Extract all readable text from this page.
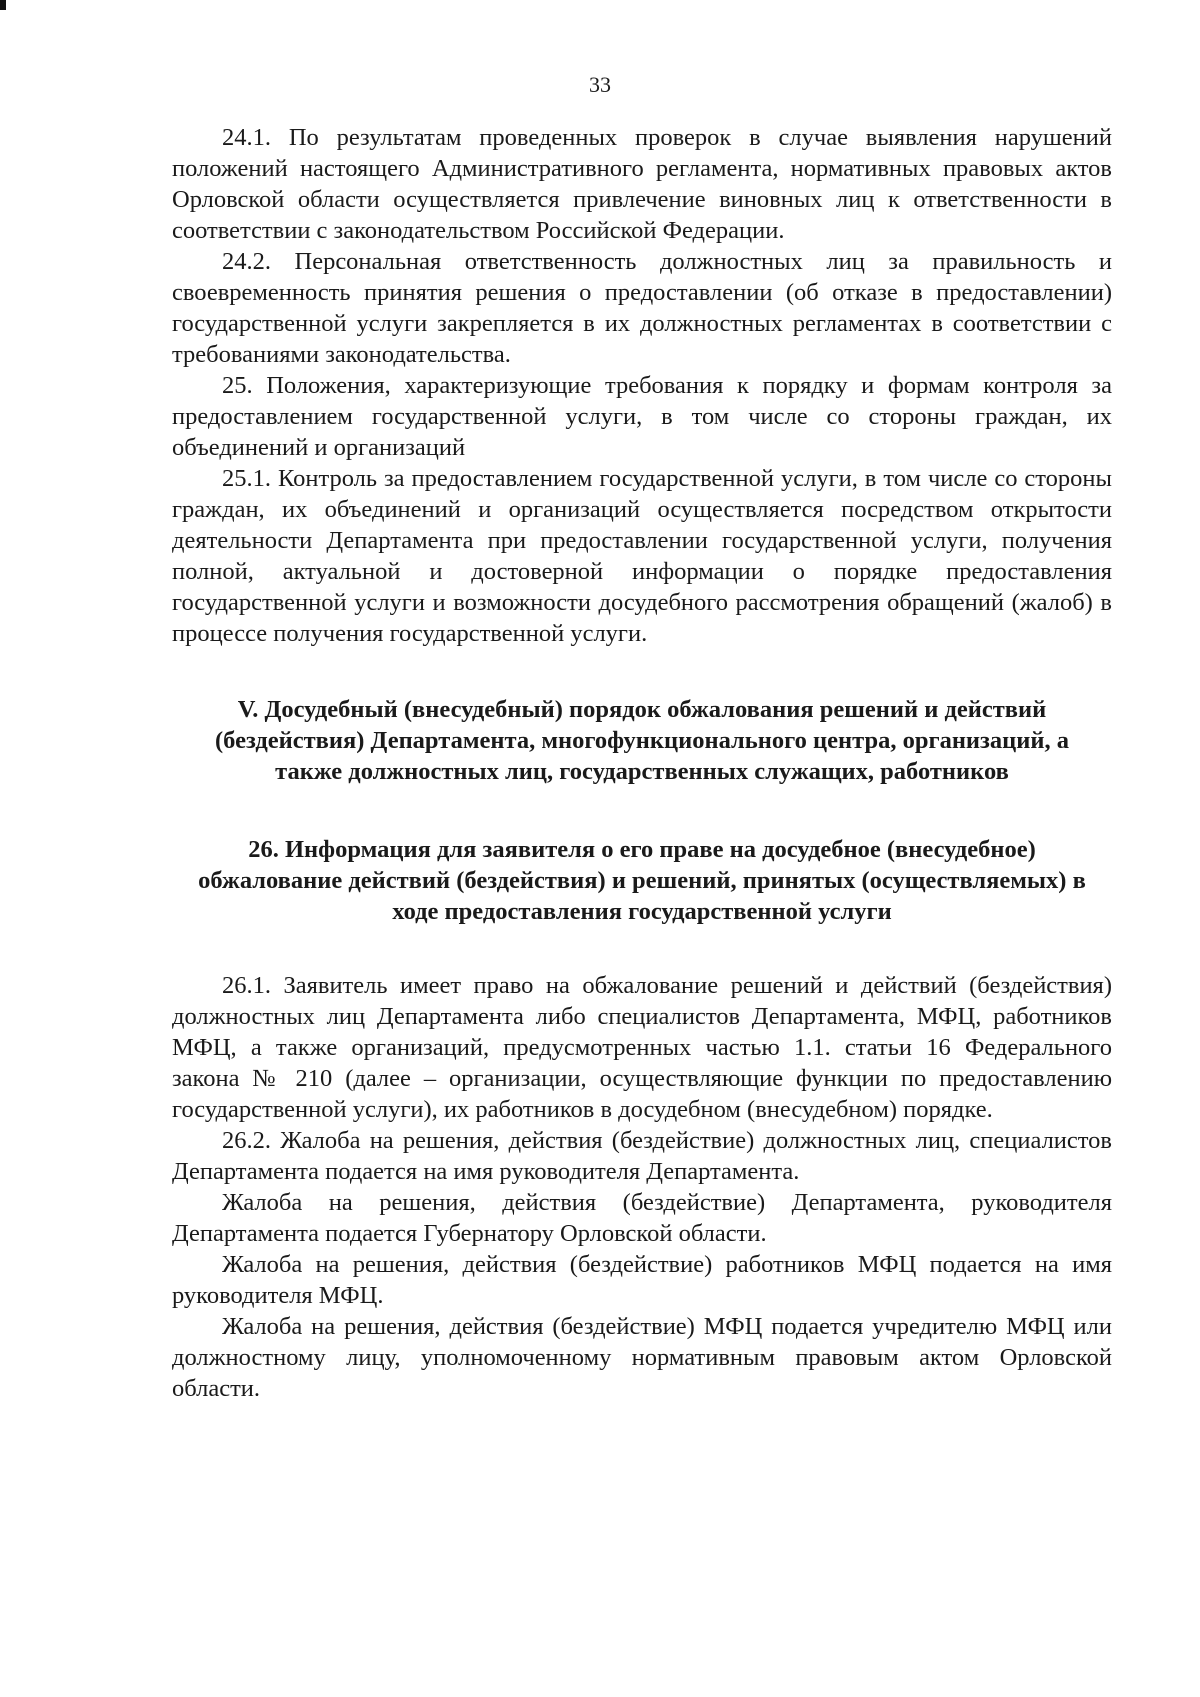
33

24.1. По результатам проведенных проверок в случае выявления нарушений положений настоящего Административного регламента, нормативных правовых актов Орловской области осуществляется привлечение виновных лиц к ответственности в соответствии с законодательством Российской Федерации.

24.2. Персональная ответственность должностных лиц за правильность и своевременность принятия решения о предоставлении (об отказе в предоставлении) государственной услуги закрепляется в их должностных регламентах в соответствии с требованиями законодательства.

25. Положения, характеризующие требования к порядку и формам контроля за предоставлением государственной услуги, в том числе со стороны граждан, их объединений и организаций

25.1. Контроль за предоставлением государственной услуги, в том числе со стороны граждан, их объединений и организаций осуществляется посредством открытости деятельности Департамента при предоставлении государственной услуги, получения полной, актуальной и достоверной информации о порядке предоставления государственной услуги и возможности досудебного рассмотрения обращений (жалоб) в процессе получения государственной услуги.

V. Досудебный (внесудебный) порядок обжалования решений и действий (бездействия) Департамента, многофункционального центра, организаций, а также должностных лиц, государственных служащих, работников

26. Информация для заявителя о его праве на досудебное (внесудебное) обжалование действий (бездействия) и решений, принятых (осуществляемых) в ходе предоставления государственной услуги

26.1. Заявитель имеет право на обжалование решений и действий (бездействия) должностных лиц Департамента либо специалистов Департамента, МФЦ, работников МФЦ, а также организаций, предусмотренных частью 1.1. статьи 16 Федерального закона № 210 (далее – организации, осуществляющие функции по предоставлению государственной услуги), их работников в досудебном (внесудебном) порядке.

26.2. Жалоба на решения, действия (бездействие) должностных лиц, специалистов Департамента подается на имя руководителя Департамента.

Жалоба на решения, действия (бездействие) Департамента, руководителя Департамента подается Губернатору Орловской области.

Жалоба на решения, действия (бездействие) работников МФЦ подается на имя руководителя МФЦ.

Жалоба на решения, действия (бездействие) МФЦ подается учредителю МФЦ или должностному лицу, уполномоченному нормативным правовым актом Орловской области.
